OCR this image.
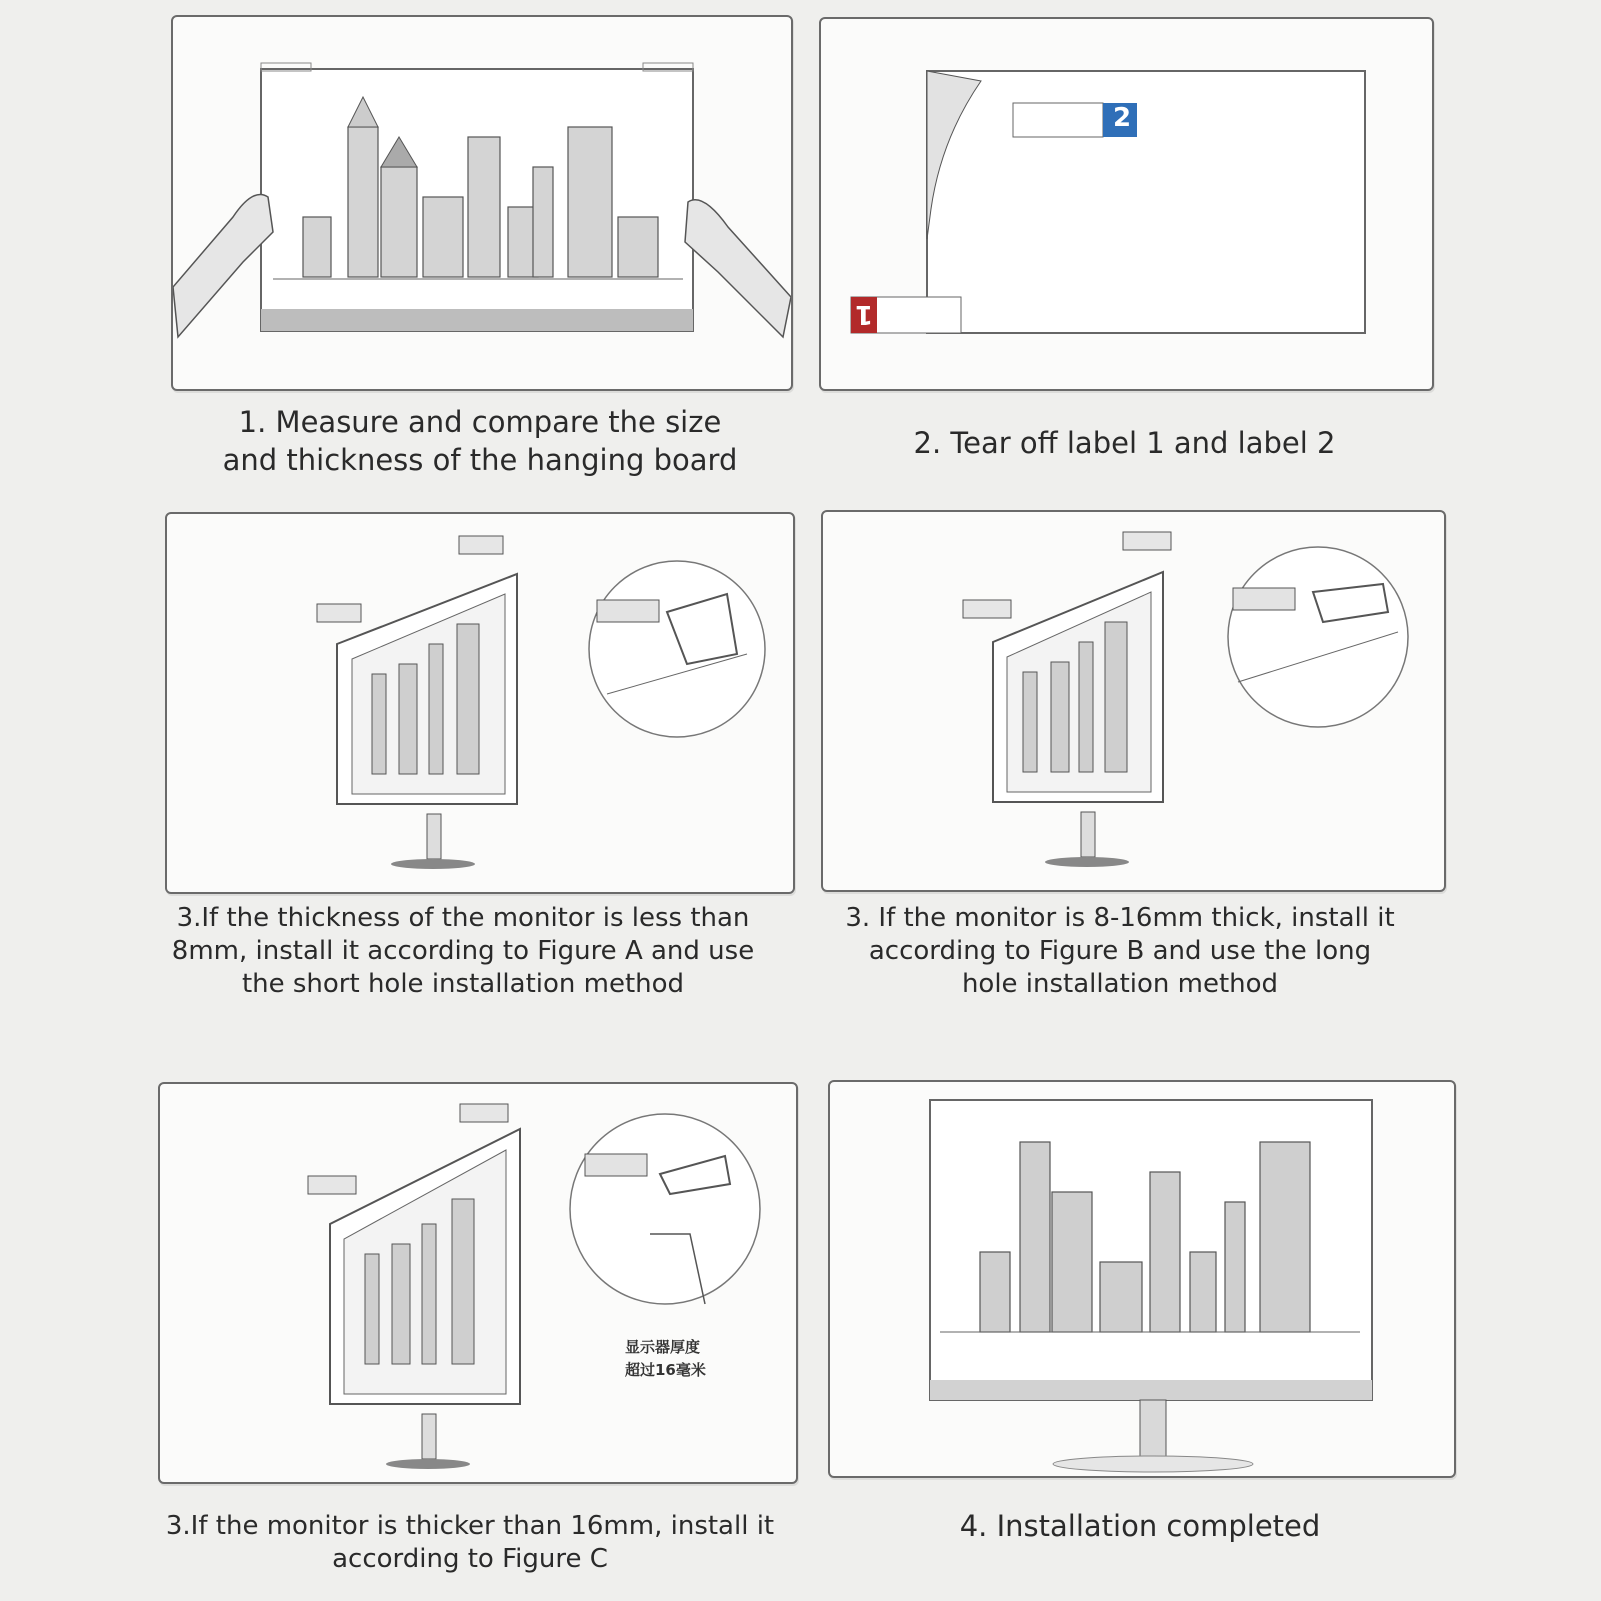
1. Measure and compare the size
and thickness of the hanging board
2
1
2. Tear off label 1 and label 2
3.If the thickness of the monitor is less than
8mm, install it according to Figure A and use
the short hole installation method
3. If the monitor is 8-16mm thick, install it
according to Figure B and use the long
hole installation method
显示器厚度
超过16毫米
3.If the monitor is thicker than 16mm, install it
according to Figure C
4. Installation completed
